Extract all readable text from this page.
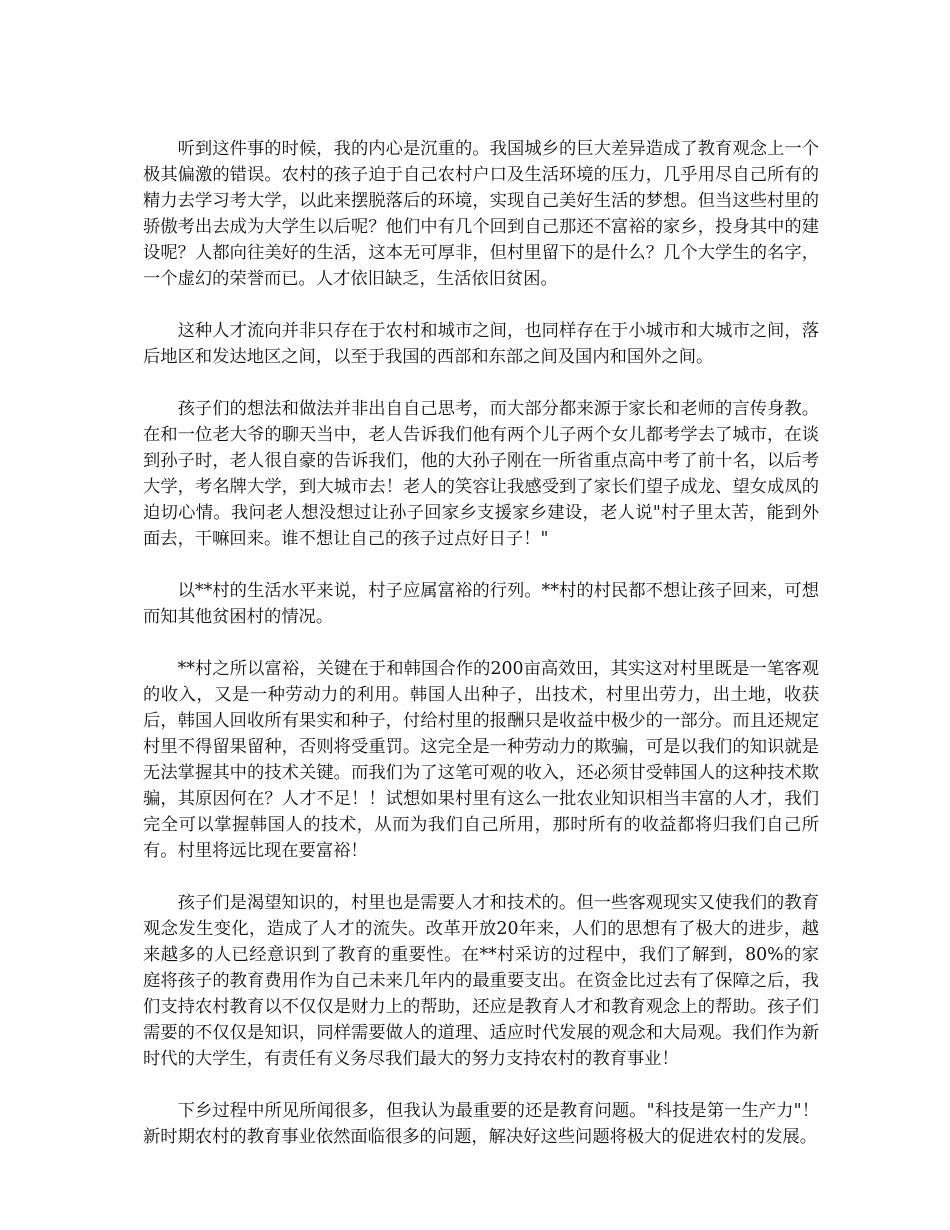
听到这件事的时候，我的内心是沉重的。我国城乡的巨大差异造成了教育观念上一个极其偏激的错误。农村的孩子迫于自己农村户口及生活环境的压力，几乎用尽自己所有的精力去学习考大学，以此来摆脱落后的环境，实现自己美好生活的梦想。但当这些村里的骄傲考出去成为大学生以后呢？他们中有几个回到自己那还不富裕的家乡，投身其中的建设呢？人都向往美好的生活，这本无可厚非，但村里留下的是什么？几个大学生的名字，一个虚幻的荣誉而已。人才依旧缺乏，生活依旧贫困。

这种人才流向并非只存在于农村和城市之间，也同样存在于小城市和大城市之间，落后地区和发达地区之间，以至于我国的西部和东部之间及国内和国外之间。

孩子们的想法和做法并非出自自己思考，而大部分都来源于家长和老师的言传身教。在和一位老大爷的聊天当中，老人告诉我们他有两个儿子两个女儿都考学去了城市，在谈到孙子时，老人很自豪的告诉我们，他的大孙子刚在一所省重点高中考了前十名，以后考大学，考名牌大学，到大城市去！老人的笑容让我感受到了家长们望子成龙、望女成凤的迫切心情。我问老人想没想过让孙子回家乡支援家乡建设，老人说"村子里太苦，能到外面去，干嘛回来。谁不想让自己的孩子过点好日子！"

以**村的生活水平来说，村子应属富裕的行列。**村的村民都不想让孩子回来，可想而知其他贫困村的情况。

**村之所以富裕，关键在于和韩国合作的200亩高效田，其实这对村里既是一笔客观的收入，又是一种劳动力的利用。韩国人出种子，出技术，村里出劳力，出土地，收获后，韩国人回收所有果实和种子，付给村里的报酬只是收益中极少的一部分。而且还规定村里不得留果留种，否则将受重罚。这完全是一种劳动力的欺骗，可是以我们的知识就是无法掌握其中的技术关键。而我们为了这笔可观的收入，还必须甘受韩国人的这种技术欺骗，其原因何在？人才不足！！试想如果村里有这么一批农业知识相当丰富的人才，我们完全可以掌握韩国人的技术，从而为我们自己所用，那时所有的收益都将归我们自己所有。村里将远比现在要富裕！

孩子们是渴望知识的，村里也是需要人才和技术的。但一些客观现实又使我们的教育观念发生变化，造成了人才的流失。改革开放20年来，人们的思想有了极大的进步，越来越多的人已经意识到了教育的重要性。在**村采访的过程中，我们了解到，80%的家庭将孩子的教育费用作为自己未来几年内的最重要支出。在资金比过去有了保障之后，我们支持农村教育以不仅仅是财力上的帮助，还应是教育人才和教育观念上的帮助。孩子们需要的不仅仅是知识，同样需要做人的道理、适应时代发展的观念和大局观。我们作为新时代的大学生，有责任有义务尽我们最大的努力支持农村的教育事业！

下乡过程中所见所闻很多，但我认为最重要的还是教育问题。"科技是第一生产力"！新时期农村的教育事业依然面临很多的问题，解决好这些问题将极大的促进农村的发展。
